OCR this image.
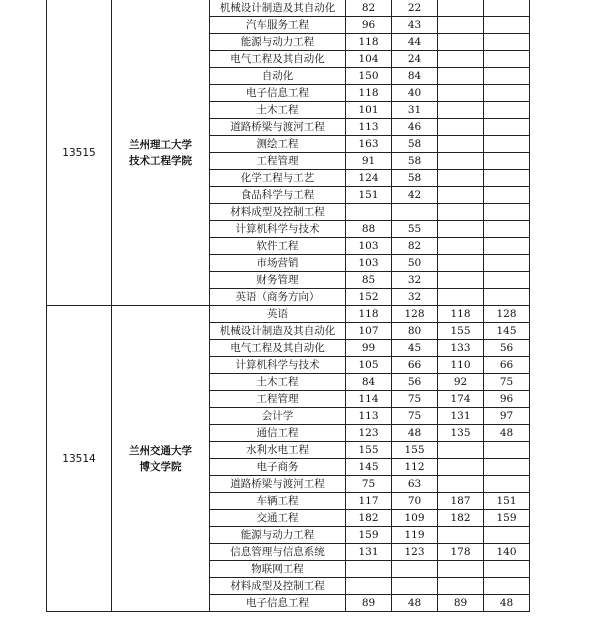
13515	兰州理工大学
技术工程学院	机械设计制造及其自动化	82	22		
		汽车服务工程	96	43		
		能源与动力工程	118	44		
		电气工程及其自动化	104	24		
		自动化	150	84		
		电子信息工程	118	40		
		土木工程	101	31		
		道路桥梁与渡河工程	113	46		
		测绘工程	163	58		
		工程管理	91	58		
		化学工程与工艺	124	58		
		食品科学与工程	151	42		
		材料成型及控制工程				
		计算机科学与技术	88	55		
		软件工程	103	82		
		市场营销	103	50		
		财务管理	85	32		
		英语（商务方向）	152	32		
13514	兰州交通大学
博文学院	英语	118	128	118	128
		机械设计制造及其自动化	107	80	155	145
		电气工程及其自动化	99	45	133	56
		计算机科学与技术	105	66	110	66
		土木工程	84	56	92	75
		工程管理	114	75	174	96
		会计学	113	75	131	97
		通信工程	123	48	135	48
		水利水电工程	155	155		
		电子商务	145	112		
		道路桥梁与渡河工程	75	63		
		车辆工程	117	70	187	151
		交通工程	182	109	182	159
		能源与动力工程	159	119		
		信息管理与信息系统	131	123	178	140
		物联网工程				
		材料成型及控制工程				
		电子信息工程	89	48	89	48
